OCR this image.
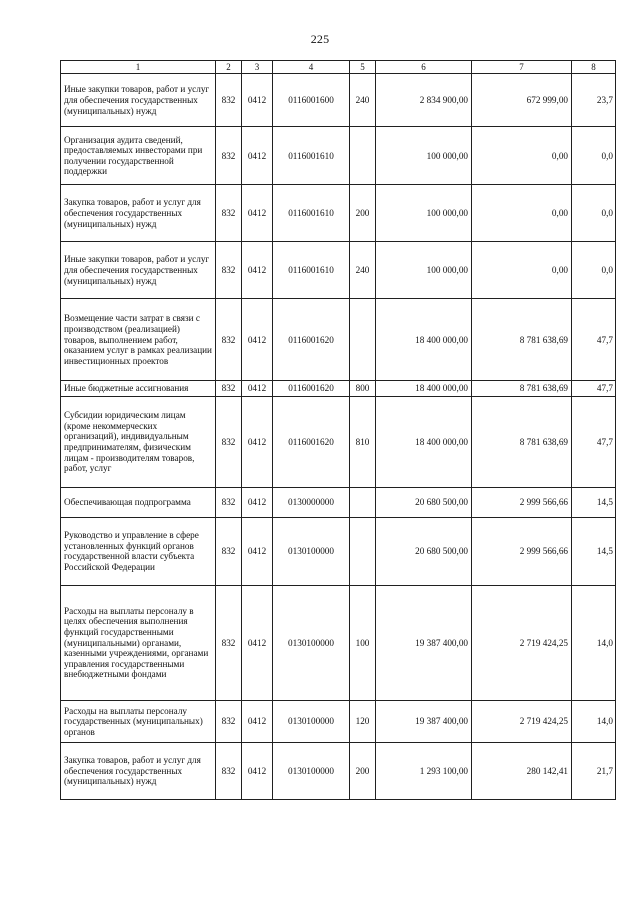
225
1	2	3	4	5	6	7	8
Иные закупки товаров, работ и услуг для обеспечения государственных (муниципальных) нужд	832	0412	0116001600	240	2 834 900,00	672 999,00	23,7
Организация аудита сведений, предоставляемых инвесторами при получении государственной поддержки	832	0412	0116001610		100 000,00	0,00	0,0
Закупка товаров, работ и услуг для обеспечения государственных (муниципальных) нужд	832	0412	0116001610	200	100 000,00	0,00	0,0
Иные закупки товаров, работ и услуг для обеспечения государственных (муниципальных) нужд	832	0412	0116001610	240	100 000,00	0,00	0,0
Возмещение части затрат в связи с производством (реализацией) товаров, выполнением работ, оказанием услуг в рамках реализации инвестиционных проектов	832	0412	0116001620		18 400 000,00	8 781 638,69	47,7
Иные бюджетные ассигнования	832	0412	0116001620	800	18 400 000,00	8 781 638,69	47,7
Субсидии юридическим лицам (кроме некоммерческих организаций), индивидуальным предпринимателям, физическим лицам - производителям товаров, работ, услуг	832	0412	0116001620	810	18 400 000,00	8 781 638,69	47,7
Обеспечивающая подпрограмма	832	0412	0130000000		20 680 500,00	2 999 566,66	14,5
Руководство и управление в сфере установленных функций органов государственной власти субъекта Российской Федерации	832	0412	0130100000		20 680 500,00	2 999 566,66	14,5
Расходы на выплаты персоналу в целях обеспечения выполнения функций государственными (муниципальными) органами, казенными учреждениями, органами управления государственными внебюджетными фондами	832	0412	0130100000	100	19 387 400,00	2 719 424,25	14,0
Расходы на выплаты персоналу государственных (муниципальных) органов	832	0412	0130100000	120	19 387 400,00	2 719 424,25	14,0
Закупка товаров, работ и услуг для обеспечения государственных (муниципальных) нужд	832	0412	0130100000	200	1 293 100,00	280 142,41	21,7
